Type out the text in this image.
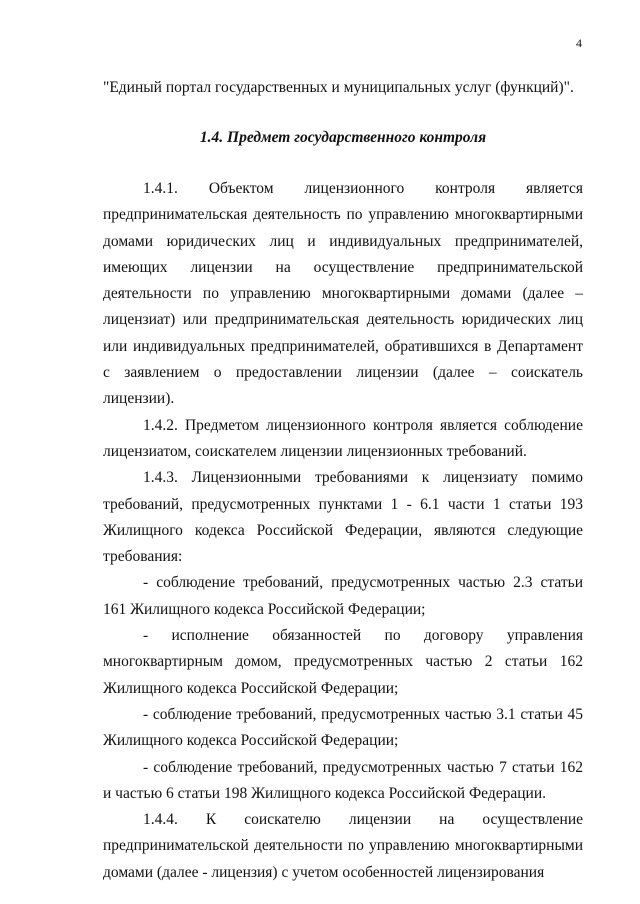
4
"Единый портал государственных и муниципальных услуг (функций)".
1.4. Предмет государственного контроля

1.4.1. Объектом лицензионного контроля является предпринимательская деятельность по управлению многоквартирными домами юридических лиц и индивидуальных предпринимателей, имеющих лицензии на осуществление предпринимательской деятельности по управлению многоквартирными домами (далее – лицензиат) или предпринимательская деятельность юридических лиц или индивидуальных предпринимателей, обратившихся в Департамент с заявлением о предоставлении лицензии (далее – соискатель лицензии).

1.4.2. Предметом лицензионного контроля является соблюдение лицензиатом, соискателем лицензии лицензионных требований.

1.4.3. Лицензионными требованиями к лицензиату помимо требований, предусмотренных пунктами 1 - 6.1 части 1 статьи 193 Жилищного кодекса Российской Федерации, являются следующие требования:

- соблюдение требований, предусмотренных частью 2.3 статьи 161 Жилищного кодекса Российской Федерации;

- исполнение обязанностей по договору управления многоквартирным домом, предусмотренных частью 2 статьи 162 Жилищного кодекса Российской Федерации;

- соблюдение требований, предусмотренных частью 3.1 статьи 45 Жилищного кодекса Российской Федерации;

- соблюдение требований, предусмотренных частью 7 статьи 162 и частью 6 статьи 198 Жилищного кодекса Российской Федерации.

1.4.4. К соискателю лицензии на осуществление предпринимательской деятельности по управлению многоквартирными домами (далее - лицензия) с учетом особенностей лицензирования
